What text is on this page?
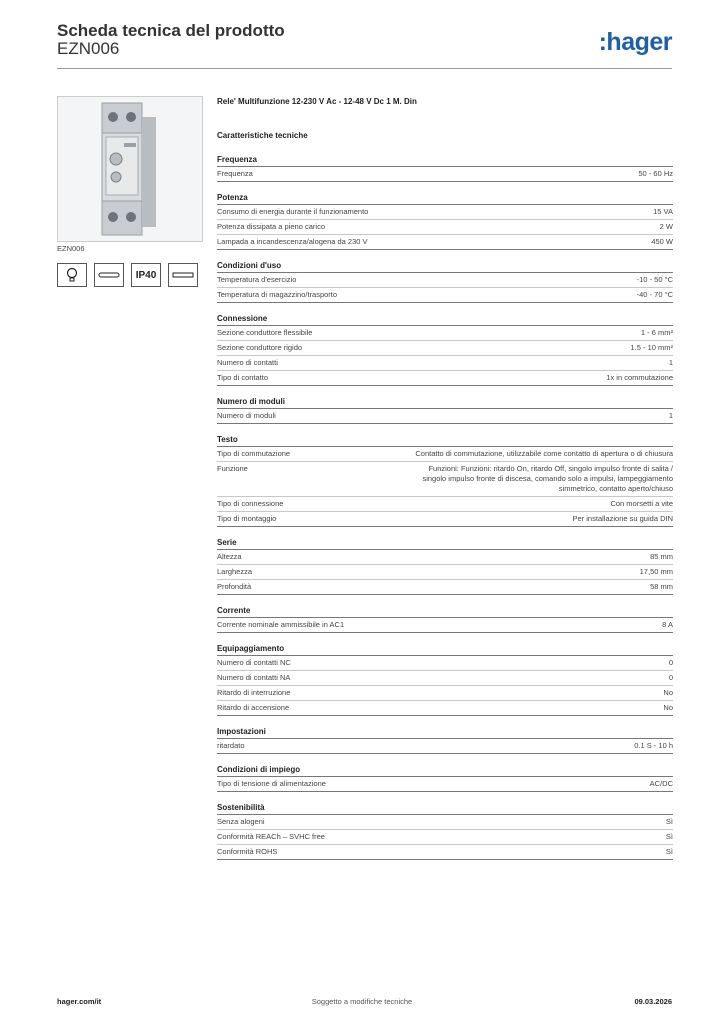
Scheda tecnica del prodotto
EZN006	:hager
EZN006
IP40
Rele' Multifunzione 12-230 V Ac - 12-48 V Dc 1 M. Din
Caratteristiche tecniche
Frequenza
Frequenza	50 - 60 Hz
Potenza
Consumo di energia durante il funzionamento	15 VA
Potenza dissipata a pieno carico	2 W
Lampada a incandescenza/alogena da 230 V	450 W
Condizioni d'uso
Temperatura d'esercizio	-10 - 50 °C
Temperatura di magazzino/trasporto	-40 - 70 °C
Connessione
Sezione conduttore flessibile	1 - 6 mm²
Sezione conduttore rigido	1.5 - 10 mm²
Numero di contatti	1
Tipo di contatto	1x in commutazione
Numero di moduli
Numero di moduli	1
Testo
Tipo di commutazione	Contatto di commutazione, utilizzabile come contatto di apertura o di chiusura
Funzione	Funzioni: Funzioni: ritardo On, ritardo Off, singolo impulso fronte di salita / singolo impulso fronte di discesa, comando solo a impulsi, lampeggiamento simmetrico, contatto aperto/chiuso
Tipo di connessione	Con morsetti a vite
Tipo di montaggio	Per installazione su guida DIN
Serie
Altezza	85 mm
Larghezza	17,50 mm
Profondità	58 mm
Corrente
Corrente nominale ammissibile in AC1	8 A
Equipaggiamento
Numero di contatti NC	0
Numero di contatti NA	0
Ritardo di interruzione	No
Ritardo di accensione	No
Impostazioni
ritardato	0.1 S - 10 h
Condizioni di impiego
Tipo di tensione di alimentazione	AC/DC
Sostenibilità
Senza alogeni	Sì
Conformità REACh – SVHC free	Sì
Conformità ROHS	Sì
hager.com/it	Soggetto a modifiche tecniche	09.03.2026
